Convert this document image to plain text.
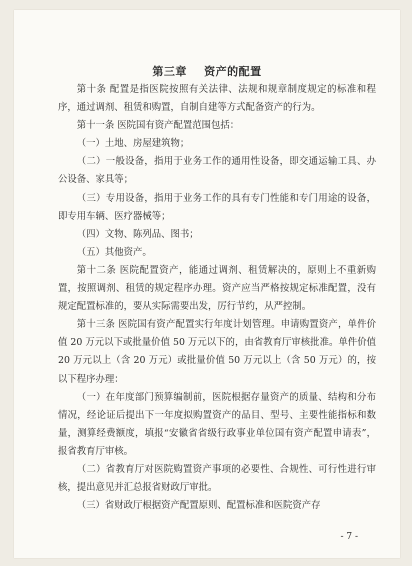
第三章    资产的配置

第十条 配置是指医院按照有关法律、法规和规章制度规定的标准和程序，通过调剂、租赁和购置，自制自建等方式配备资产的行为。

第十一条 医院国有资产配置范围包括：

（一）土地、房屋建筑物；

（二）一般设备，指用于业务工作的通用性设备，即交通运输工具、办公设备、家具等；

（三）专用设备，指用于业务工作的具有专门性能和专门用途的设备，即专用车辆、医疗器械等；

（四）文物、陈列品、图书；

（五）其他资产。

第十二条 医院配置资产，能通过调剂、租赁解决的，原则上不重新购置，按照调剂、租赁的规定程序办理。资产应当严格按规定标准配置，没有规定配置标准的，要从实际需要出发，厉行节约，从严控制。

第十三条 医院国有资产配置实行年度计划管理。申请购置资产，单件价值 20 万元以下或批量价值 50 万元以下的，由省教育厅审核批准。单件价值 20 万元以上（含 20 万元）或批量价值 50 万元以上（含 50 万元）的，按以下程序办理：

（一）在年度部门预算编制前，医院根据存量资产的质量、结构和分布情况，经论证后提出下一年度拟购置资产的品目、型号、主要性能指标和数量，测算经费额度，填报“安徽省省级行政事业单位国有资产配置申请表”，报省教育厅审核。

（二）省教育厅对医院购置资产事项的必要性、合规性、可行性进行审核，提出意见并汇总报省财政厅审批。

（三）省财政厅根据资产配置原则、配置标准和医院资产存

- 7 -
